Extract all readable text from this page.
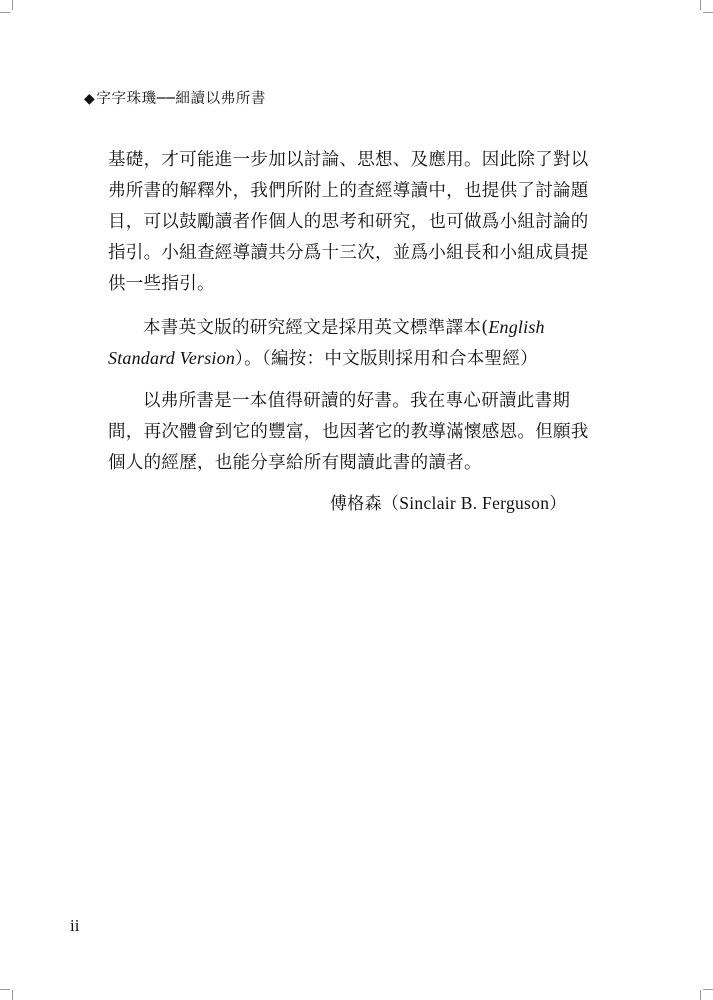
◆字字珠璣──細讀以弗所書
基礎，才可能進一步加以討論、思想、及應用。因此除了對以
弗所書的解釋外，我們所附上的查經導讀中，也提供了討論題
目，可以鼓勵讀者作個人的思考和研究，也可做爲小組討論的
指引。小組查經導讀共分爲十三次，並爲小組長和小組成員提
供一些指引。
本書英文版的研究經文是採用英文標準譯本(English
Standard Version）。（編按：中文版則採用和合本聖經）
以弗所書是一本值得研讀的好書。我在專心研讀此書期
間，再次體會到它的豐富，也因著它的教導滿懷感恩。但願我
個人的經歷，也能分享給所有閱讀此書的讀者。
傅格森（Sinclair B. Ferguson）
ii
